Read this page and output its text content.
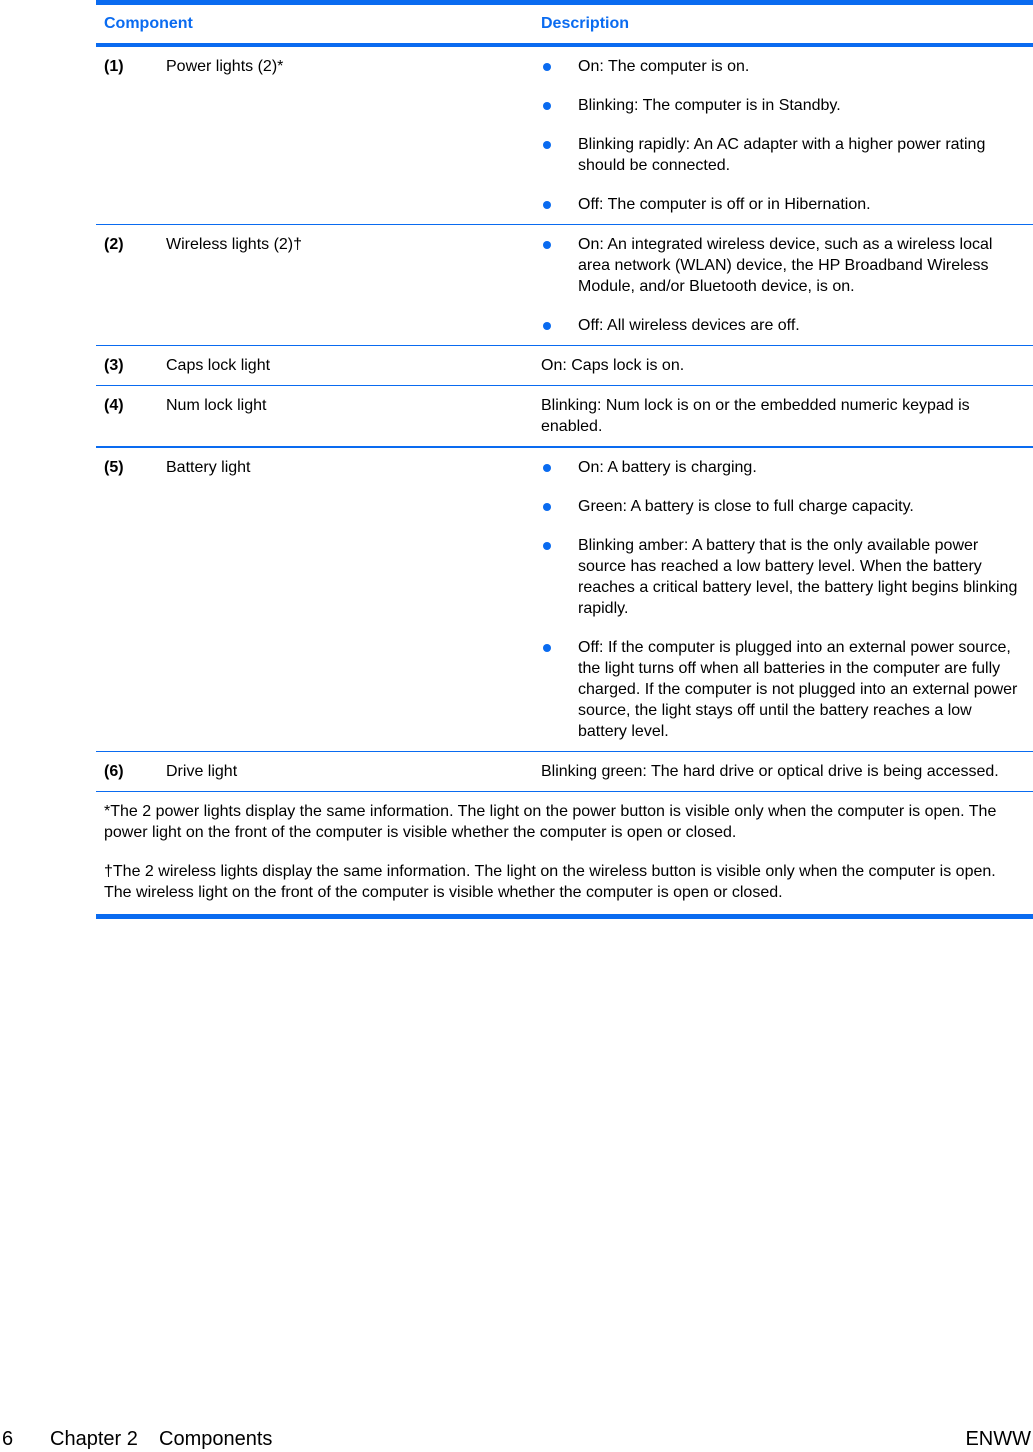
Component	Description
(1)	Power lights (2)*	On: The computer is on.
Blinking: The computer is in Standby.
Blinking rapidly: An AC adapter with a higher power rating should be connected.
Off: The computer is off or in Hibernation.
(2)	Wireless lights (2)†	On: An integrated wireless device, such as a wireless local area network (WLAN) device, the HP Broadband Wireless Module, and/or Bluetooth device, is on.
Off: All wireless devices are off.
(3)	Caps lock light	On: Caps lock is on.
(4)	Num lock light	Blinking: Num lock is on or the embedded numeric keypad is enabled.
(5)	Battery light	On: A battery is charging.
Green: A battery is close to full charge capacity.
Blinking amber: A battery that is the only available power source has reached a low battery level. When the battery reaches a critical battery level, the battery light begins blinking rapidly.
Off: If the computer is plugged into an external power source, the light turns off when all batteries in the computer are fully charged. If the computer is not plugged into an external power source, the light stays off until the battery reaches a low battery level.
(6)	Drive light	Blinking green: The hard drive or optical drive is being accessed.

*The 2 power lights display the same information. The light on the power button is visible only when the computer is open. The power light on the front of the computer is visible whether the computer is open or closed.

†The 2 wireless lights display the same information. The light on the wireless button is visible only when the computer is open. The wireless light on the front of the computer is visible whether the computer is open or closed.

6 Chapter 2 Components	ENWW
